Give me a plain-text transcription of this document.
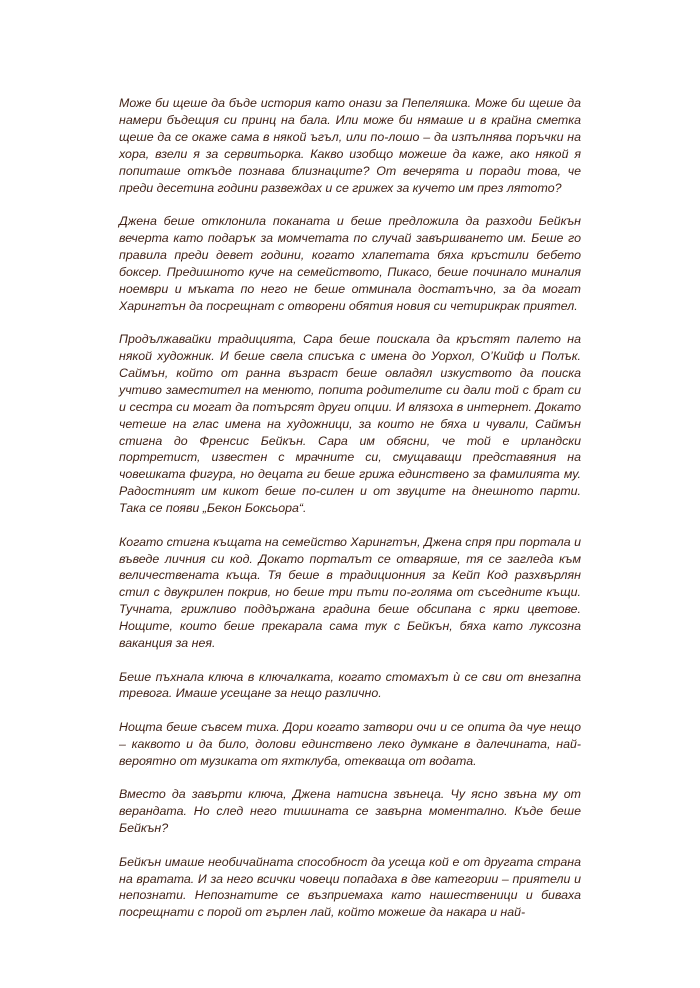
Може би щеше да бъде история като онази за Пепеляшка. Може би щеше да намери бъдещия си принц на бала. Или може би нямаше и в крайна сметка щеше да се окаже сама в някой ъгъл, или по-лошо – да изпълнява поръчки на хора, взели я за сервитьорка. Какво изобщо можеше да каже, ако някой я попиташе откъде познава близнаците? От вечерята и поради това, че преди десетина години развеждах и се грижех за кучето им през лятото?

Джена беше отклонила поканата и беше предложила да разходи Бейкън вечерта като подарък за момчетата по случай завършването им. Беше го правила преди девет години, когато хлапетата бяха кръстили бебето боксер. Предишното куче на семейството, Пикасо, беше починало миналия ноември и мъката по него не беше отминала достатъчно, за да могат Харингтън да посрещнат с отворени обятия новия си четирикрак приятел.

Продължавайки традицията, Сара беше поискала да кръстят палето на някой художник. И беше свела списъка с имена до Уорхол, О’Кийф и Полък. Саймън, който от ранна възраст беше овладял изкуството да поиска учтиво заместител на менюто, попита родителите си дали той с брат си и сестра си могат да потърсят други опции. И влязоха в интернет. Докато четеше на глас имена на художници, за които не бяха и чували, Саймън стигна до Френсис Бейкън. Сара им обясни, че той е ирландски портретист, известен с мрачните си, смущаващи представяния на човешката фигура, но децата ги беше грижа единствено за фамилията му. Радостният им кикот беше по-силен и от звуците на днешното парти. Така се появи „Бекон Боксьора“.

Когато стигна къщата на семейство Харингтън, Джена спря при портала и въведе личния си код. Докато порталът се отваряше, тя се загледа към величествената къща. Тя беше в традиционния за Кейп Код разхвърлян стил с двукрилен покрив, но беше три пъти по-голяма от съседните къщи. Тучната, грижливо поддържана градина беше обсипана с ярки цветове. Нощите, които беше прекарала сама тук с Бейкън, бяха като луксозна ваканция за нея.

Беше пъхнала ключа в ключалката, когато стомахът ѝ се сви от внезапна тревога. Имаше усещане за нещо различно.

Нощта беше съвсем тиха. Дори когато затвори очи и се опита да чуе нещо – каквото и да било, долови единствено леко думкане в далечината, най-вероятно от музиката от яхтклуба, отекваща от водата.

Вместо да завърти ключа, Джена натисна звънеца. Чу ясно звъна му от верандата. Но след него тишината се завърна моментално. Къде беше Бейкън?

Бейкън имаше необичайната способност да усеща кой е от другата страна на вратата. И за него всички човеци попадаха в две категории – приятели и непознати. Непознатите се възприемаха като нашественици и биваха посрещнати с порой от гърлен лай, който можеше да накара и най-
